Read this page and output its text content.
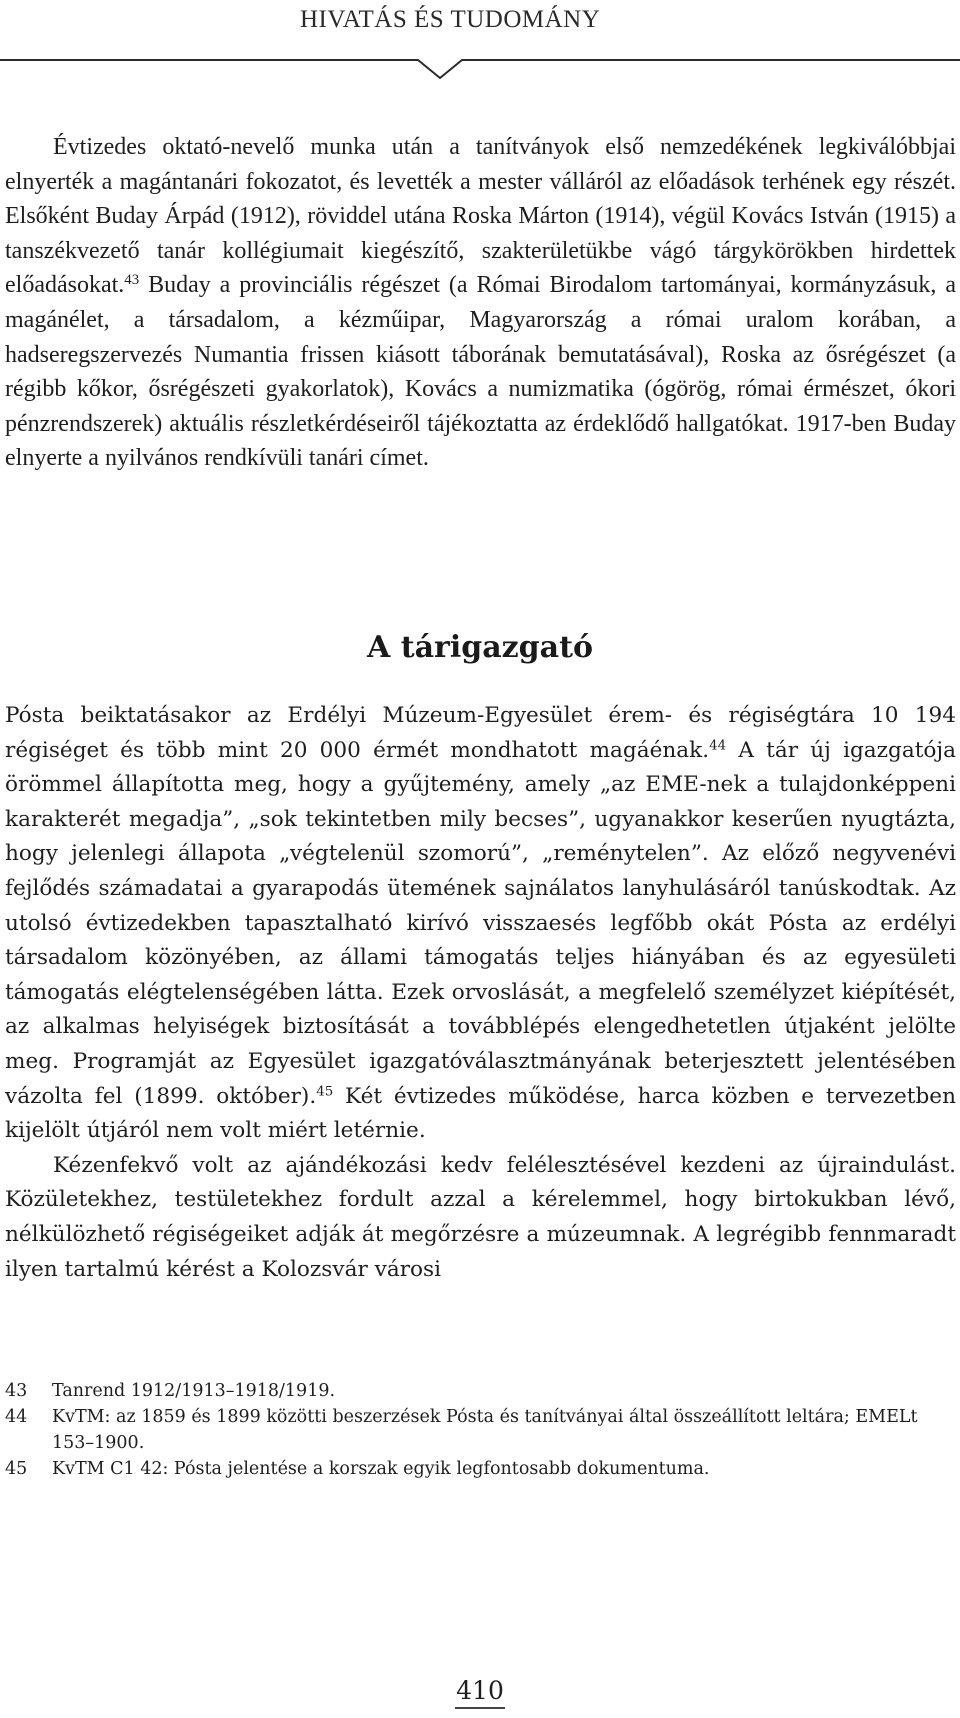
HIVATÁS ÉS TUDOMÁNY

Évtizedes oktató-nevelő munka után a tanítványok első nemzedékének legkiválóbbjai elnyerték a magántanári fokozatot, és levették a mester válláról az előadások terhének egy részét. Elsőként Buday Árpád (1912), röviddel utána Roska Márton (1914), végül Kovács István (1915) a tanszékvezető tanár kollégiumait kiegészítő, szakterületükbe vágó tárgykörökben hirdettek előadásokat.$^{43}$ Buday a provinciális régészet (a Római Birodalom tartományai, kormányzásuk, a magánélet, a társadalom, a kézműipar, Magyarország a római uralom korában, a hadseregszervezés Numantia frissen kiásott táborának bemutatásával), Roska az ősrégészet (a régibb kőkor, ősrégészeti gyakorlatok), Kovács a numizmatika (ógörög, római érmészet, ókori pénzrendszerek) aktuális részletkérdéseiről tájékoztatta az érdeklődő hallgatókat. 1917-ben Buday elnyerte a nyilvános rendkívüli tanári címet.

A tárigazgató

Pósta beiktatásakor az Erdélyi Múzeum-Egyesület érem- és régiségtára 10 194 régiséget és több mint 20 000 érmét mondhatott magáénak.$^{44}$ A tár új igazgatója örömmel állapította meg, hogy a gyűjtemény, amely „az EME-nek a tulajdonképpeni karakterét megadja”, „sok tekintetben mily becses”, ugyanakkor keserűen nyugtázta, hogy jelenlegi állapota „végtelenül szomorú”, „reménytelen”. Az előző negyvenévi fejlődés számadatai a gyarapodás ütemének sajnálatos lanyhulásáról tanúskodtak. Az utolsó évtizedekben tapasztalható kirívó visszaesés legfőbb okát Pósta az erdélyi társadalom közönyében, az állami támogatás teljes hiányában és az egyesületi támogatás elégtelenségében látta. Ezek orvoslását, a megfelelő személyzet kiépítését, az alkalmas helyiségek biztosítását a továbblépés elengedhetetlen útjaként jelölte meg. Programját az Egyesület igazgatóválasztmányának beterjesztett jelentésében vázolta fel (1899. október).$^{45}$ Két évtizedes működése, harca közben e tervezetben kijelölt útjáról nem volt miért letérnie.

Kézenfekvő volt az ajándékozási kedv felélesztésével kezdeni az újraindulást. Közületekhez, testületekhez fordult azzal a kérelemmel, hogy birtokukban lévő, nélkülözhető régiségeiket adják át megőrzésre a múzeumnak. A legrégibb fennmaradt ilyen tartalmú kérést a Kolozsvár városi

43	Tanrend 1912/1913–1918/1919.
44	KvTM: az 1859 és 1899 közötti beszerzések Pósta és tanítványai által összeállított leltára; EMELt 153–1900.
45	KvTM C1 42: Pósta jelentése a korszak egyik legfontosabb dokumentuma.
410
